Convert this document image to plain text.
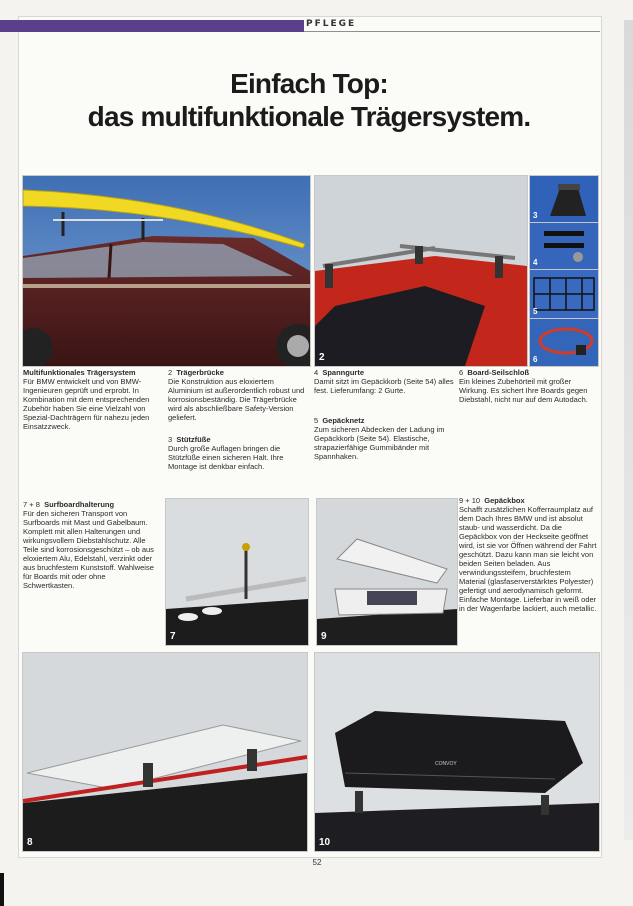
PFLEGE
Einfach Top:
das multifunktionale Trägersystem.
2
3
4
5
6
Multifunktionales Trägersystem
Für BMW entwickelt und von BMW-Ingenieuren geprüft und erprobt. In Kombination mit dem entsprechenden Zubehör haben Sie eine Vielzahl von Spezial-Dachträgern für nahezu jeden Einsatzzweck.
2 Trägerbrücke
Die Konstruktion aus eloxiertem Aluminium ist außerordentlich robust und korrosionsbeständig. Die Trägerbrücke wird als abschließbare Safety-Version geliefert.
3 Stützfüße
Durch große Auflagen bringen die Stützfüße einen sicheren Halt. Ihre Montage ist denkbar einfach.
4 Spanngurte
Damit sitzt im Gepäckkorb (Seite 54) alles fest. Lieferumfang: 2 Gurte.
5 Gepäcknetz
Zum sicheren Abdecken der Ladung im Gepäckkorb (Seite 54). Elastische, strapazierfähige Gummibänder mit Spannhaken.
6 Board-Seilschloß
Ein kleines Zubehörteil mit großer Wirkung. Es sichert Ihre Boards gegen Diebstahl, nicht nur auf dem Autodach.
7 + 8 Surfboardhalterung
Für den sicheren Transport von Surfboards mit Mast und Gabelbaum. Komplett mit allen Halterungen und wirkungsvollem Diebstahlschutz. Alle Teile sind korrosionsgeschützt – ob aus eloxiertem Alu, Edelstahl, verzinkt oder aus bruchfestem Kunststoff. Wahlweise für Boards mit oder ohne Schwertkasten.
7	9
9 + 10 Gepäckbox
Schafft zusätzlichen Kofferraumplatz auf dem Dach Ihres BMW und ist absolut staub- und wasserdicht. Da die Gepäckbox von der Heckseite geöffnet wird, ist sie vor Öffnen während der Fahrt geschützt. Dazu kann man sie leicht von beiden Seiten beladen. Aus verwindungssteifem, bruchfestem Material (glasfaserverstärktes Polyester) gefertigt und aerodynamisch geformt. Einfache Montage. Lieferbar in weiß oder in der Wagenfarbe lackiert, auch metallic.
8
CONVOY
10
52
